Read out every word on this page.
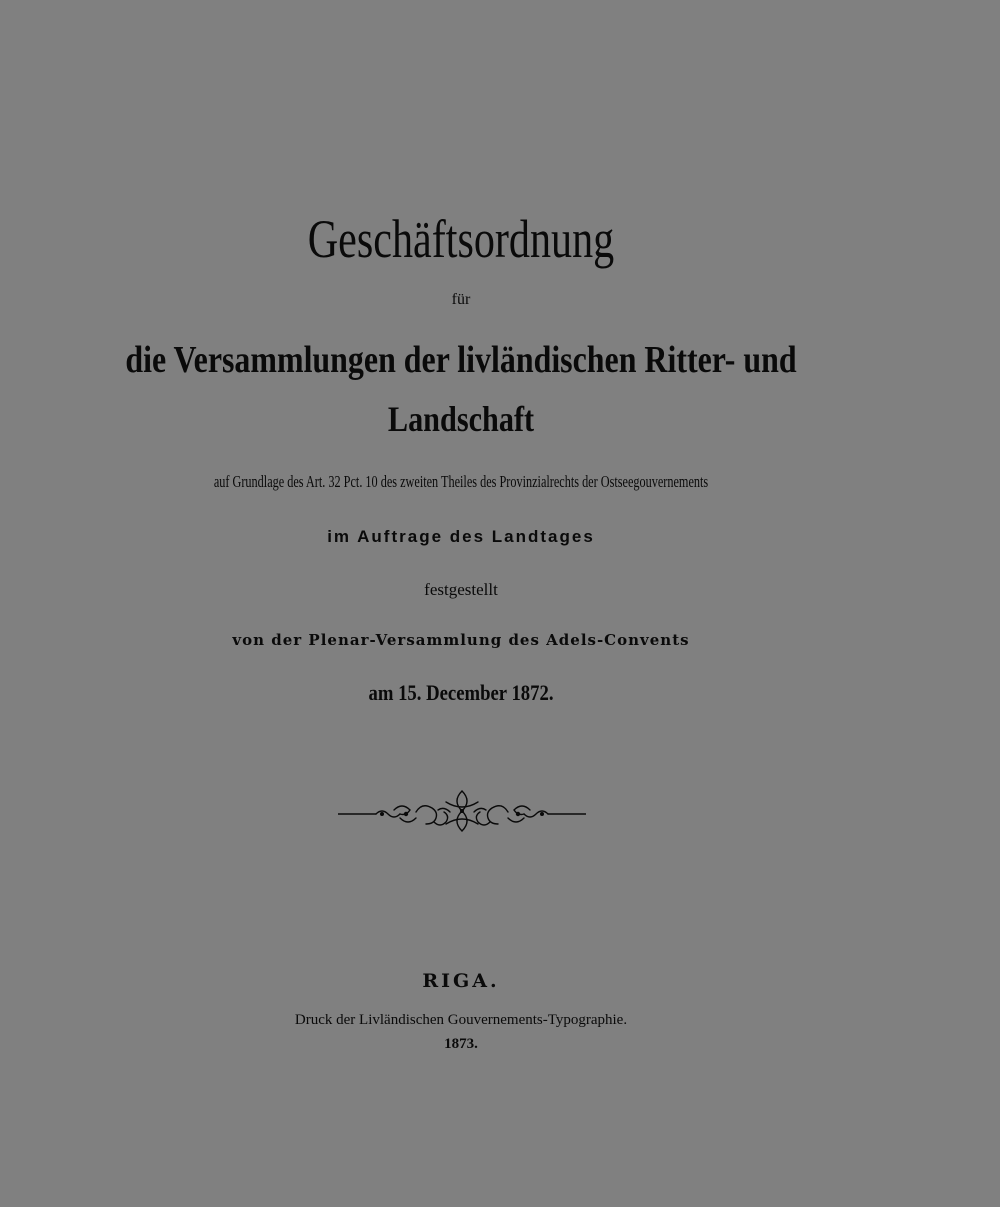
Geschäftsordnung
für
die Versammlungen der livländischen Ritter- und
Landschaft
auf Grundlage des Art. 32 Pct. 10 des zweiten Theiles des Provinzialrechts der Ostseegouvernements
im Auftrage des Landtages
festgestellt
von der Plenar-Versammlung des Adels-Convents
am 15. December 1872.
RIGA.
Druck der Livländischen Gouvernements-Typographie.
1873.
